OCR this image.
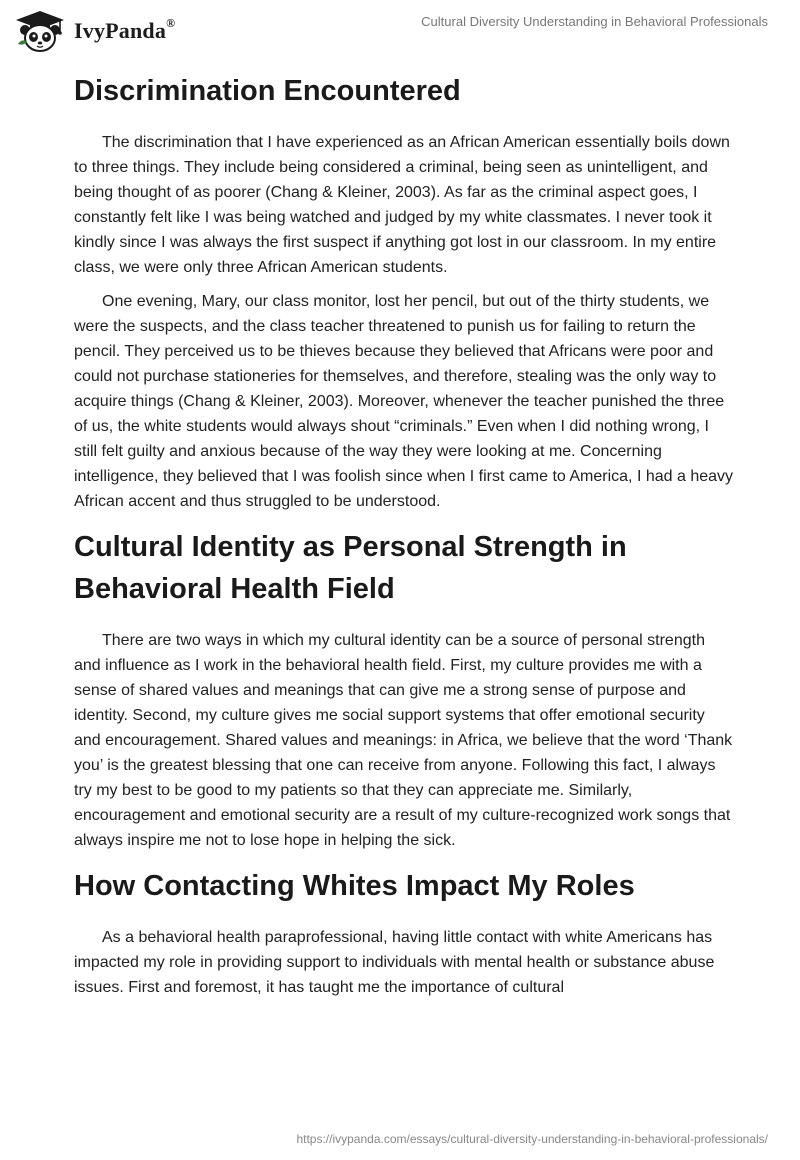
IvyPanda®	Cultural Diversity Understanding in Behavioral Professionals
Discrimination Encountered

The discrimination that I have experienced as an African American essentially boils down to three things. They include being considered a criminal, being seen as unintelligent, and being thought of as poorer (Chang & Kleiner, 2003). As far as the criminal aspect goes, I constantly felt like I was being watched and judged by my white classmates. I never took it kindly since I was always the first suspect if anything got lost in our classroom. In my entire class, we were only three African American students.

One evening, Mary, our class monitor, lost her pencil, but out of the thirty students, we were the suspects, and the class teacher threatened to punish us for failing to return the pencil. They perceived us to be thieves because they believed that Africans were poor and could not purchase stationeries for themselves, and therefore, stealing was the only way to acquire things (Chang & Kleiner, 2003). Moreover, whenever the teacher punished the three of us, the white students would always shout “criminals.” Even when I did nothing wrong, I still felt guilty and anxious because of the way they were looking at me. Concerning intelligence, they believed that I was foolish since when I first came to America, I had a heavy African accent and thus struggled to be understood.

Cultural Identity as Personal Strength in Behavioral Health Field

There are two ways in which my cultural identity can be a source of personal strength and influence as I work in the behavioral health field. First, my culture provides me with a sense of shared values and meanings that can give me a strong sense of purpose and identity. Second, my culture gives me social support systems that offer emotional security and encouragement. Shared values and meanings: in Africa, we believe that the word ‘Thank you’ is the greatest blessing that one can receive from anyone. Following this fact, I always try my best to be good to my patients so that they can appreciate me. Similarly, encouragement and emotional security are a result of my culture-recognized work songs that always inspire me not to lose hope in helping the sick.

How Contacting Whites Impact My Roles

As a behavioral health paraprofessional, having little contact with white Americans has impacted my role in providing support to individuals with mental health or substance abuse issues. First and foremost, it has taught me the importance of cultural

https://ivypanda.com/essays/cultural-diversity-understanding-in-behavioral-professionals/
